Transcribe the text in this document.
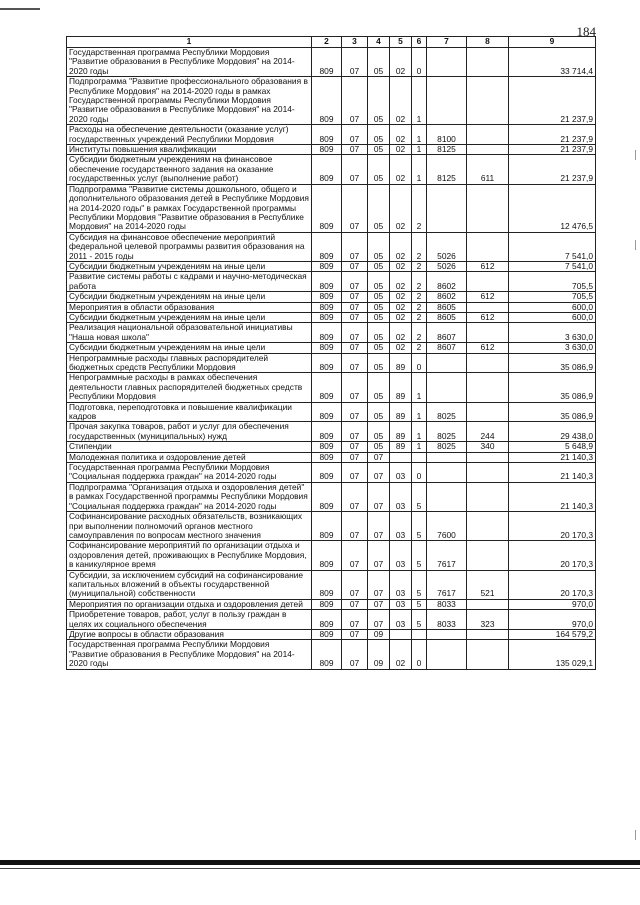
184
1	2	3	4	5	6	7	8	9
Государственная программа Республики Мордовия "Развитие образования в Республике Мордовия" на 2014-2020 годы	809	07	05	02	0			33 714,4
Подпрограмма "Развитие профессионального образования в Республике Мордовия" на 2014-2020 годы в рамках Государственной программы Республики Мордовия "Развитие образования в Республике Мордовия" на 2014-2020 годы	809	07	05	02	1			21 237,9
Расходы на обеспечение деятельности (оказание услуг) государственных учреждений Республики Мордовия	809	07	05	02	1	8100		21 237,9
Институты повышения квалификации	809	07	05	02	1	8125		21 237,9
Субсидии бюджетным учреждениям на финансовое обеспечение государственного задания на оказание государственных услуг (выполнение работ)	809	07	05	02	1	8125	611	21 237,9
Подпрограмма "Развитие системы дошкольного, общего и дополнительного образования детей в Республике Мордовия на 2014-2020 годы" в рамках Государственной программы Республики Мордовия "Развитие образования в Республике Мордовия" на 2014-2020 годы	809	07	05	02	2			12 476,5
Субсидия на финансовое обеспечение мероприятий федеральной целевой программы развития образования на 2011 - 2015 годы	809	07	05	02	2	5026		7 541,0
Субсидии бюджетным учреждениям на иные цели	809	07	05	02	2	5026	612	7 541,0
Развитие системы работы с кадрами и научно-методическая работа	809	07	05	02	2	8602		705,5
Субсидии бюджетным учреждениям на иные цели	809	07	05	02	2	8602	612	705,5
Мероприятия в области образования	809	07	05	02	2	8605		600,0
Субсидии бюджетным учреждениям на иные цели	809	07	05	02	2	8605	612	600,0
Реализация национальной образовательной инициативы "Наша новая школа"	809	07	05	02	2	8607		3 630,0
Субсидии бюджетным учреждениям на иные цели	809	07	05	02	2	8607	612	3 630,0
Непрограммные расходы главных распорядителей бюджетных средств Республики Мордовия	809	07	05	89	0			35 086,9
Непрограммные расходы в рамках обеспечения деятельности главных распорядителей бюджетных средств Республики Мордовия	809	07	05	89	1			35 086,9
Подготовка, переподготовка и повышение квалификации кадров	809	07	05	89	1	8025		35 086,9
Прочая закупка товаров, работ и услуг для обеспечения государственных (муниципальных) нужд	809	07	05	89	1	8025	244	29 438,0
Стипендии	809	07	05	89	1	8025	340	5 648,9
Молодежная политика и оздоровление детей	809	07	07					21 140,3
Государственная программа Республики Мордовия "Социальная поддержка граждан" на 2014-2020 годы	809	07	07	03	0			21 140,3
Подпрограмма "Организация отдыха и оздоровления детей" в рамках Государственной программы Республики Мордовия "Социальная поддержка граждан" на 2014-2020 годы	809	07	07	03	5			21 140,3
Софинансирование расходных обязательств, возникающих при выполнении полномочий органов местного самоуправления по вопросам местного значения	809	07	07	03	5	7600		20 170,3
Софинансирование мероприятий по организации отдыха и оздоровления детей, проживающих в Республике Мордовия, в каникулярное время	809	07	07	03	5	7617		20 170,3
Субсидии, за исключением субсидий на софинансирование капитальных вложений в объекты государственной (муниципальной) собственности	809	07	07	03	5	7617	521	20 170,3
Мероприятия по организации отдыха и оздоровления детей	809	07	07	03	5	8033		970,0
Приобретение товаров, работ, услуг в пользу граждан в целях их социального обеспечения	809	07	07	03	5	8033	323	970,0
Другие вопросы в области образования	809	07	09					164 579,2
Государственная программа Республики Мордовия "Развитие образования в Республике Мордовия" на 2014-2020 годы	809	07	09	02	0			135 029,1
